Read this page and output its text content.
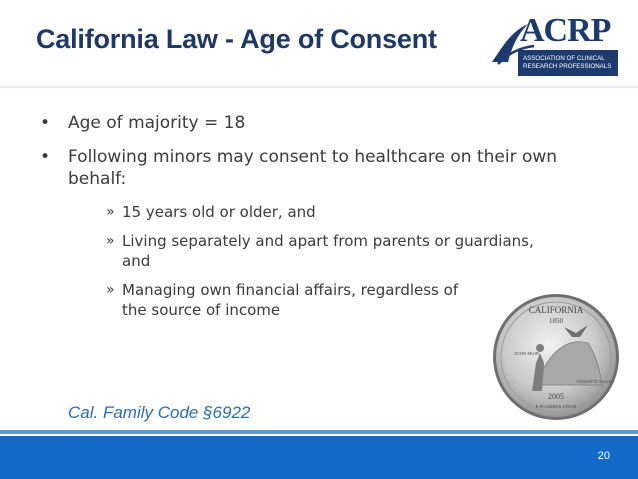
California Law - Age of Consent ACRP
ASSOCIATION OF CLINICAL
RESEARCH PROFESSIONALS
• Age of majority = 18
• Following minors may consent to healthcare on their own behalf:
» 15 years old or older, and
» Living separately and apart from parents or guardians, and
» Managing own financial affairs, regardless of the source of income	CALIFORNIA
1850
JOHN MUIR
YOSEMITE VALLEY
2005
E PLURIBUS UNUM
Cal. Family Code §6922
20
